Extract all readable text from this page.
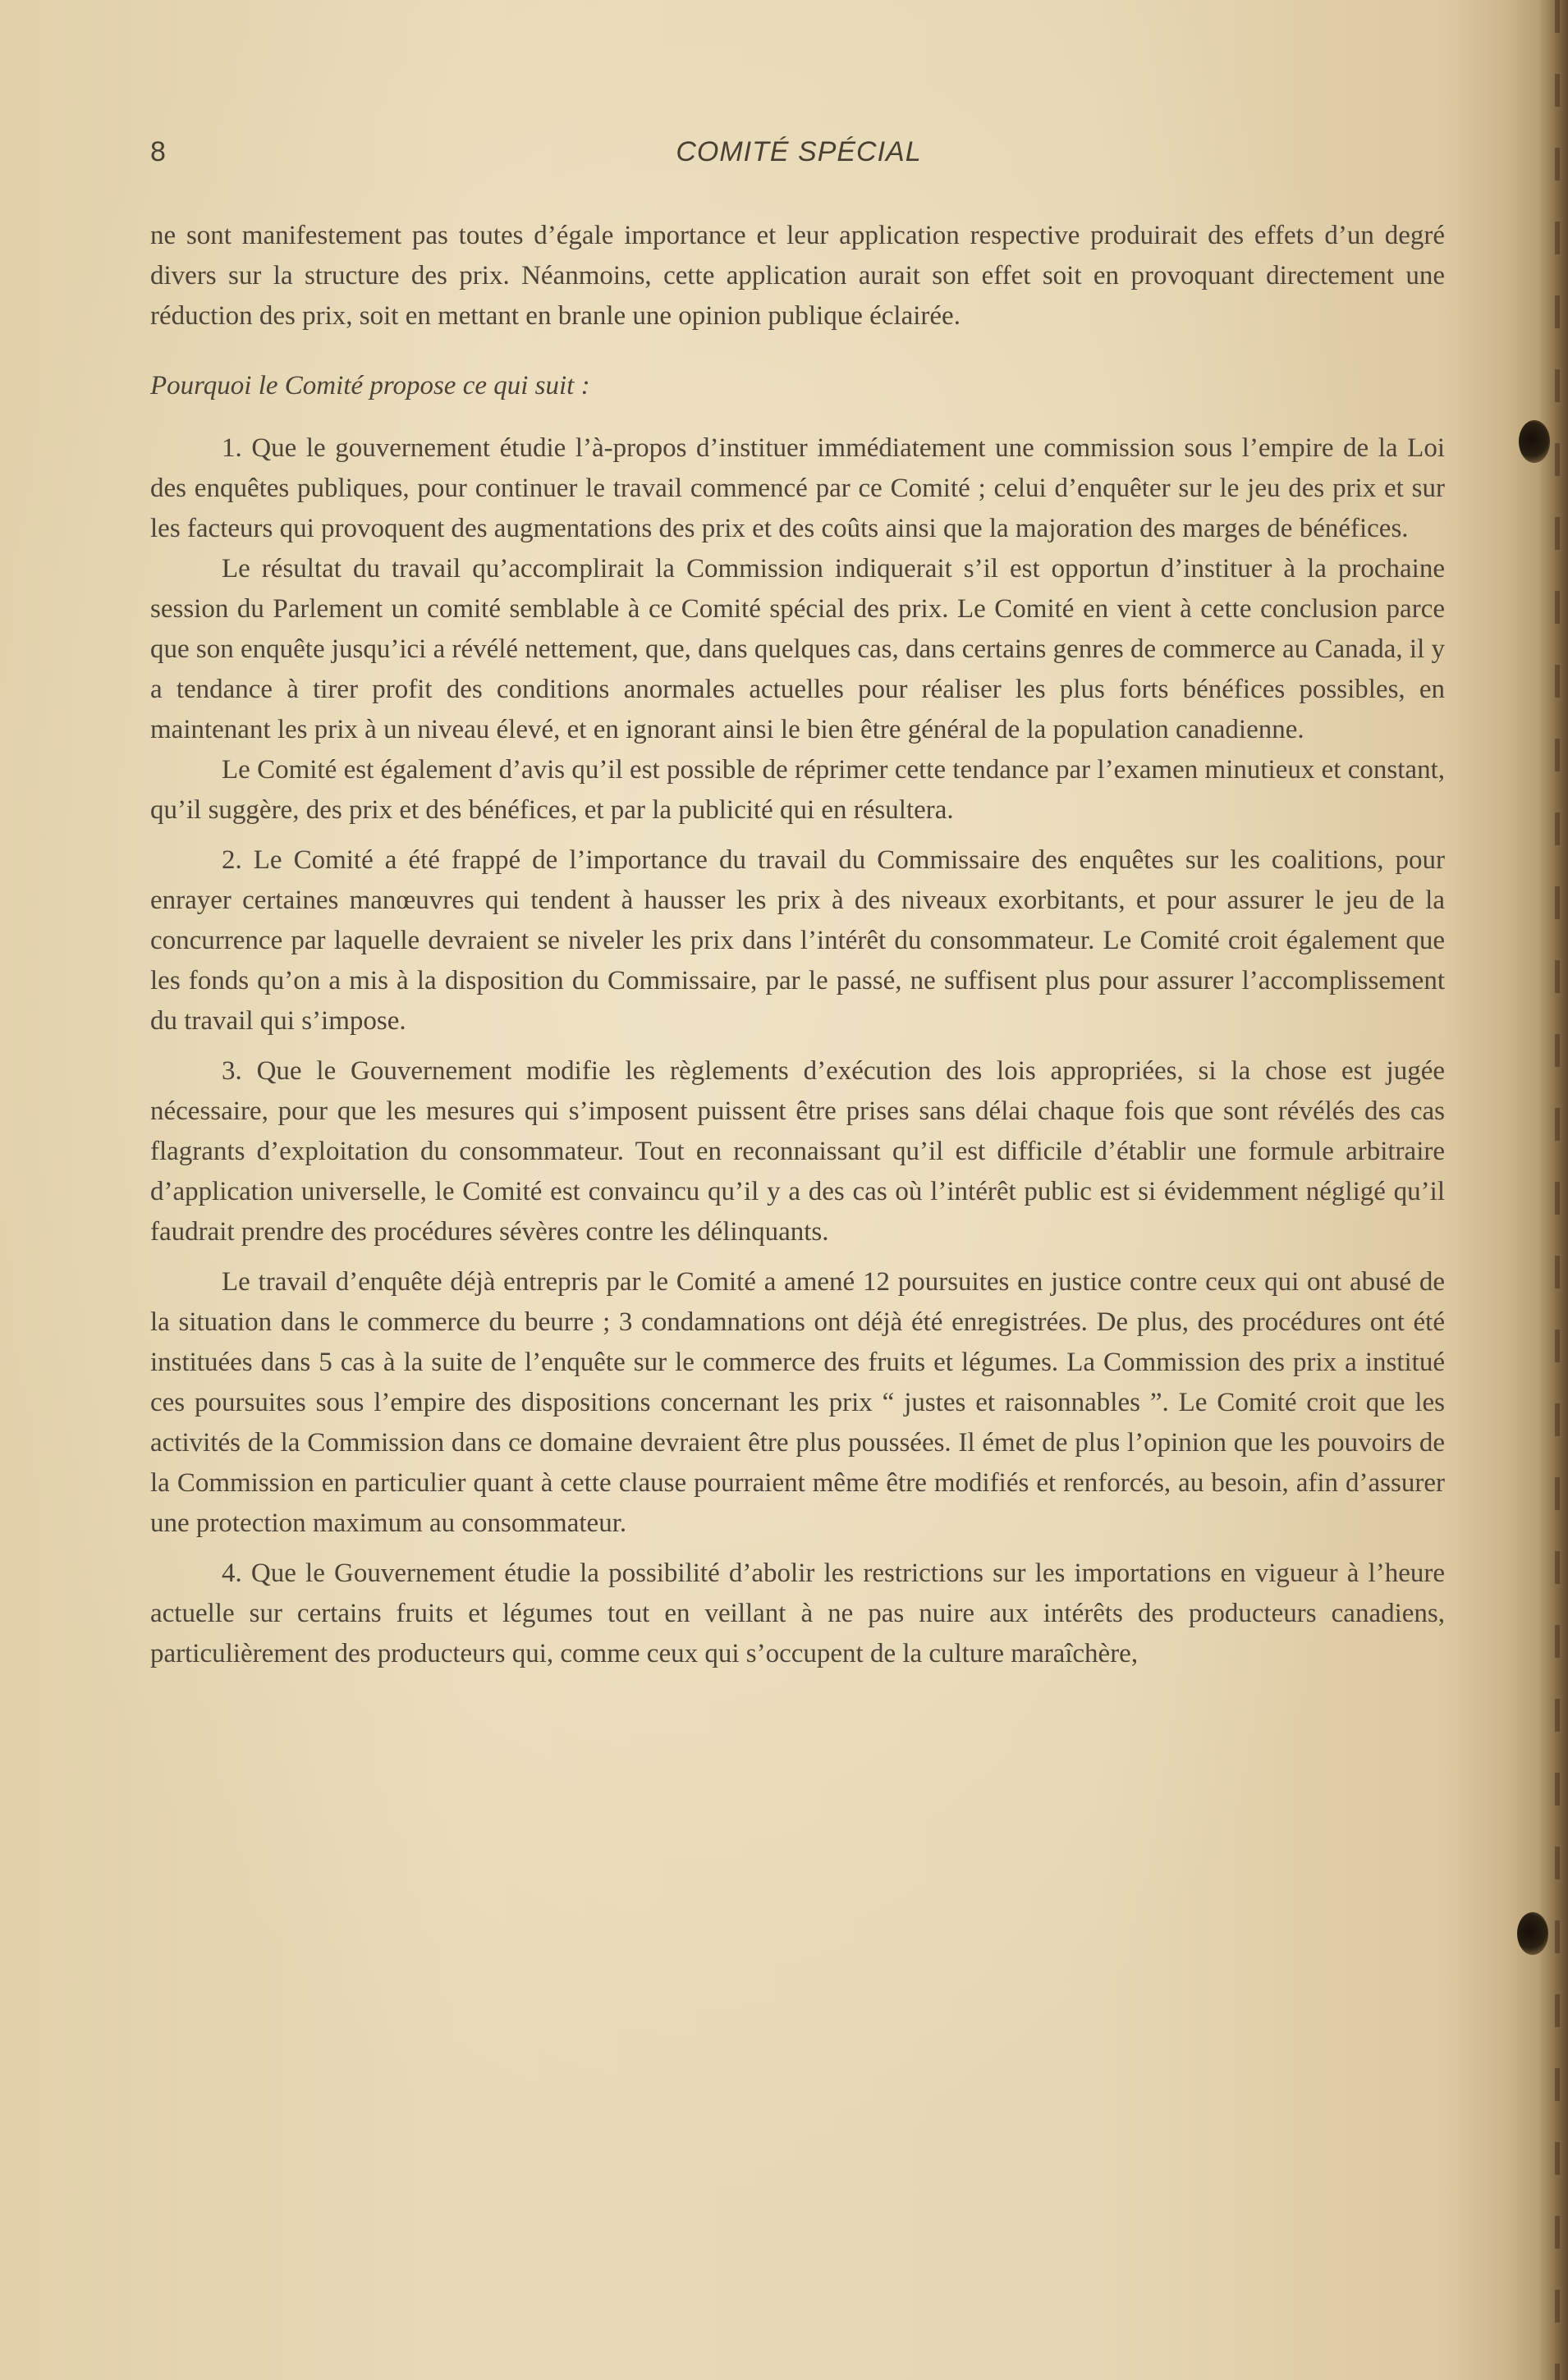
8	COMITÉ SPÉCIAL

ne sont manifestement pas toutes d’égale importance et leur application respective produirait des effets d’un degré divers sur la structure des prix. Néanmoins, cette application aurait son effet soit en provoquant directement une réduction des prix, soit en mettant en branle une opinion publique éclairée.

Pourquoi le Comité propose ce qui suit :

1. Que le gouvernement étudie l’à-propos d’instituer immédiatement une commission sous l’empire de la Loi des enquêtes publiques, pour continuer le travail commencé par ce Comité ; celui d’enquêter sur le jeu des prix et sur les facteurs qui provoquent des augmentations des prix et des coûts ainsi que la majoration des marges de bénéfices.

Le résultat du travail qu’accomplirait la Commission indiquerait s’il est opportun d’instituer à la prochaine session du Parlement un comité semblable à ce Comité spécial des prix. Le Comité en vient à cette conclusion parce que son enquête jusqu’ici a révélé nettement, que, dans quelques cas, dans certains genres de commerce au Canada, il y a tendance à tirer profit des conditions anormales actuelles pour réaliser les plus forts bénéfices possibles, en maintenant les prix à un niveau élevé, et en ignorant ainsi le bien être général de la population canadienne.

Le Comité est également d’avis qu’il est possible de réprimer cette tendance par l’examen minutieux et constant, qu’il suggère, des prix et des bénéfices, et par la publicité qui en résultera.

2. Le Comité a été frappé de l’importance du travail du Commissaire des enquêtes sur les coalitions, pour enrayer certaines manœuvres qui tendent à hausser les prix à des niveaux exorbitants, et pour assurer le jeu de la concurrence par laquelle devraient se niveler les prix dans l’intérêt du consommateur. Le Comité croit également que les fonds qu’on a mis à la disposition du Commissaire, par le passé, ne suffisent plus pour assurer l’accomplissement du travail qui s’impose.

3. Que le Gouvernement modifie les règlements d’exécution des lois appropriées, si la chose est jugée nécessaire, pour que les mesures qui s’imposent puissent être prises sans délai chaque fois que sont révélés des cas flagrants d’exploitation du consommateur. Tout en reconnaissant qu’il est difficile d’établir une formule arbitraire d’application universelle, le Comité est convaincu qu’il y a des cas où l’intérêt public est si évidemment négligé qu’il faudrait prendre des procédures sévères contre les délinquants.

Le travail d’enquête déjà entrepris par le Comité a amené 12 poursuites en justice contre ceux qui ont abusé de la situation dans le commerce du beurre ; 3 condamnations ont déjà été enregistrées. De plus, des procédures ont été instituées dans 5 cas à la suite de l’enquête sur le commerce des fruits et légumes. La Commission des prix a institué ces poursuites sous l’empire des dispositions concernant les prix “ justes et raisonnables ”. Le Comité croit que les activités de la Commission dans ce domaine devraient être plus poussées. Il émet de plus l’opinion que les pouvoirs de la Commission en particulier quant à cette clause pourraient même être modifiés et renforcés, au besoin, afin d’assurer une protection maximum au consommateur.

4. Que le Gouvernement étudie la possibilité d’abolir les restrictions sur les importations en vigueur à l’heure actuelle sur certains fruits et légumes tout en veillant à ne pas nuire aux intérêts des producteurs canadiens, particulièrement des producteurs qui, comme ceux qui s’occupent de la culture maraîchère,
